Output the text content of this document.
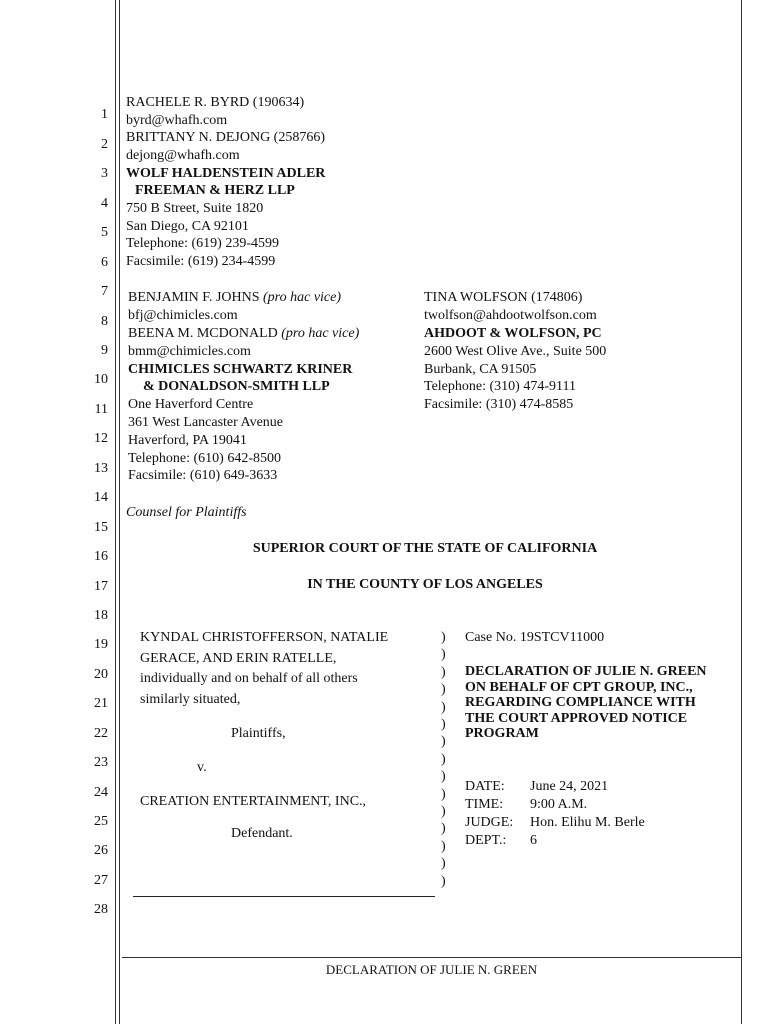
1
2
3
4
5
6
7
8
9
10
11
12
13
14
15
16
17
18
19
20
21
22
23
24
25
26
27
28
RACHELE R. BYRD (190634)
byrd@whafh.com
BRITTANY N. DEJONG (258766)
dejong@whafh.com
WOLF HALDENSTEIN ADLER
FREEMAN & HERZ LLP
750 B Street, Suite 1820
San Diego, CA 92101
Telephone: (619) 239-4599
Facsimile: (619) 234-4599
BENJAMIN F. JOHNS (pro hac vice)
bfj@chimicles.com
BEENA M. MCDONALD (pro hac vice)
bmm@chimicles.com
CHIMICLES SCHWARTZ KRINER
& DONALDSON-SMITH LLP
One Haverford Centre
361 West Lancaster Avenue
Haverford, PA 19041
Telephone: (610) 642-8500
Facsimile: (610) 649-3633
TINA WOLFSON (174806)
twolfson@ahdootwolfson.com
AHDOOT & WOLFSON, PC
2600 West Olive Ave., Suite 500
Burbank, CA 91505
Telephone: (310) 474-9111
Facsimile: (310) 474-8585
Counsel for Plaintiffs
SUPERIOR COURT OF THE STATE OF CALIFORNIA
IN THE COUNTY OF LOS ANGELES
KYNDAL CHRISTOFFERSON, NATALIE
GERACE, AND ERIN RATELLE,
individually and on behalf of all others
similarly situated,
Plaintiffs,
v.
CREATION ENTERTAINMENT, INC.,
Defendant.
)
)
)
)
)
)
)
)
)
)
)
)
)
)
)
Case No. 19STCV11000
DECLARATION OF JULIE N. GREEN
ON BEHALF OF CPT GROUP, INC.,
REGARDING COMPLIANCE WITH
THE COURT APPROVED NOTICE
PROGRAM
DATE: June 24, 2021
TIME: 9:00 A.M.
JUDGE: Hon. Elihu M. Berle
DEPT.: 6
DECLARATION OF JULIE N. GREEN
